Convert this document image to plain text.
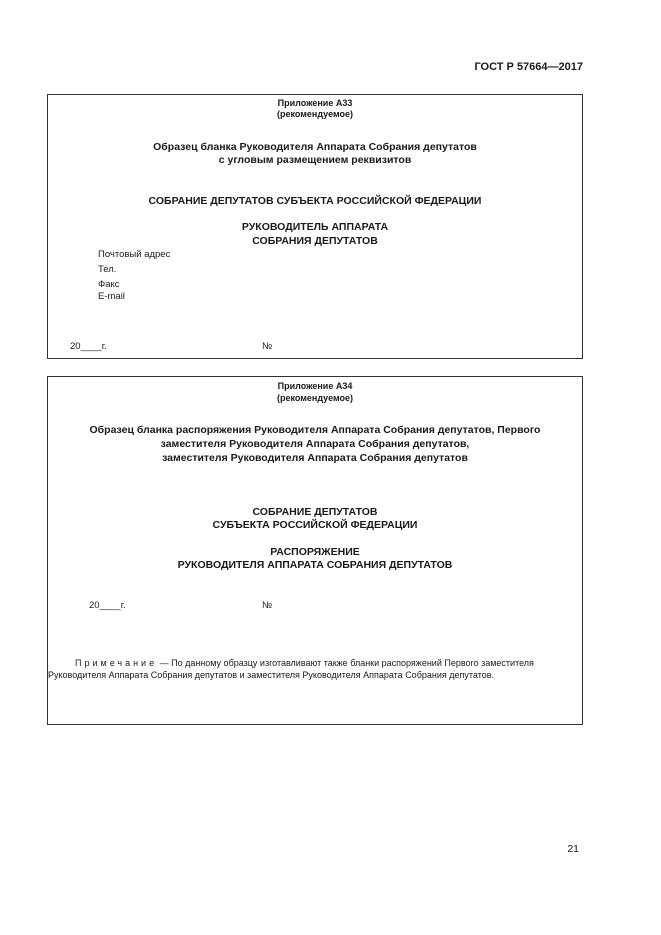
ГОСТ Р 57664—2017
Приложение А33
(рекомендуемое)
Образец бланка Руководителя Аппарата Собрания депутатов
с угловым размещением реквизитов
СОБРАНИЕ ДЕПУТАТОВ СУБЪЕКТА РОССИЙСКОЙ ФЕДЕРАЦИИ
РУКОВОДИТЕЛЬ АППАРАТА
СОБРАНИЯ ДЕПУТАТОВ
Почтовый адрес
Тел.
Факс
E-mail
20____г.	№
Приложение А34
(рекомендуемое)
Образец бланка распоряжения Руководителя Аппарата Собрания депутатов, Первого
заместителя Руководителя Аппарата Собрания депутатов,
заместителя Руководителя Аппарата Собрания депутатов
СОБРАНИЕ ДЕПУТАТОВ
СУБЪЕКТА РОССИЙСКОЙ ФЕДЕРАЦИИ
РАСПОРЯЖЕНИЕ
РУКОВОДИТЕЛЯ АППАРАТА СОБРАНИЯ ДЕПУТАТОВ
20____г.	№
Примечание — По данному образцу изготавливают также бланки распоряжений Первого заместителя
Руководителя Аппарата Собрания депутатов и заместителя Руководителя Аппарата Собрания депутатов.
21
